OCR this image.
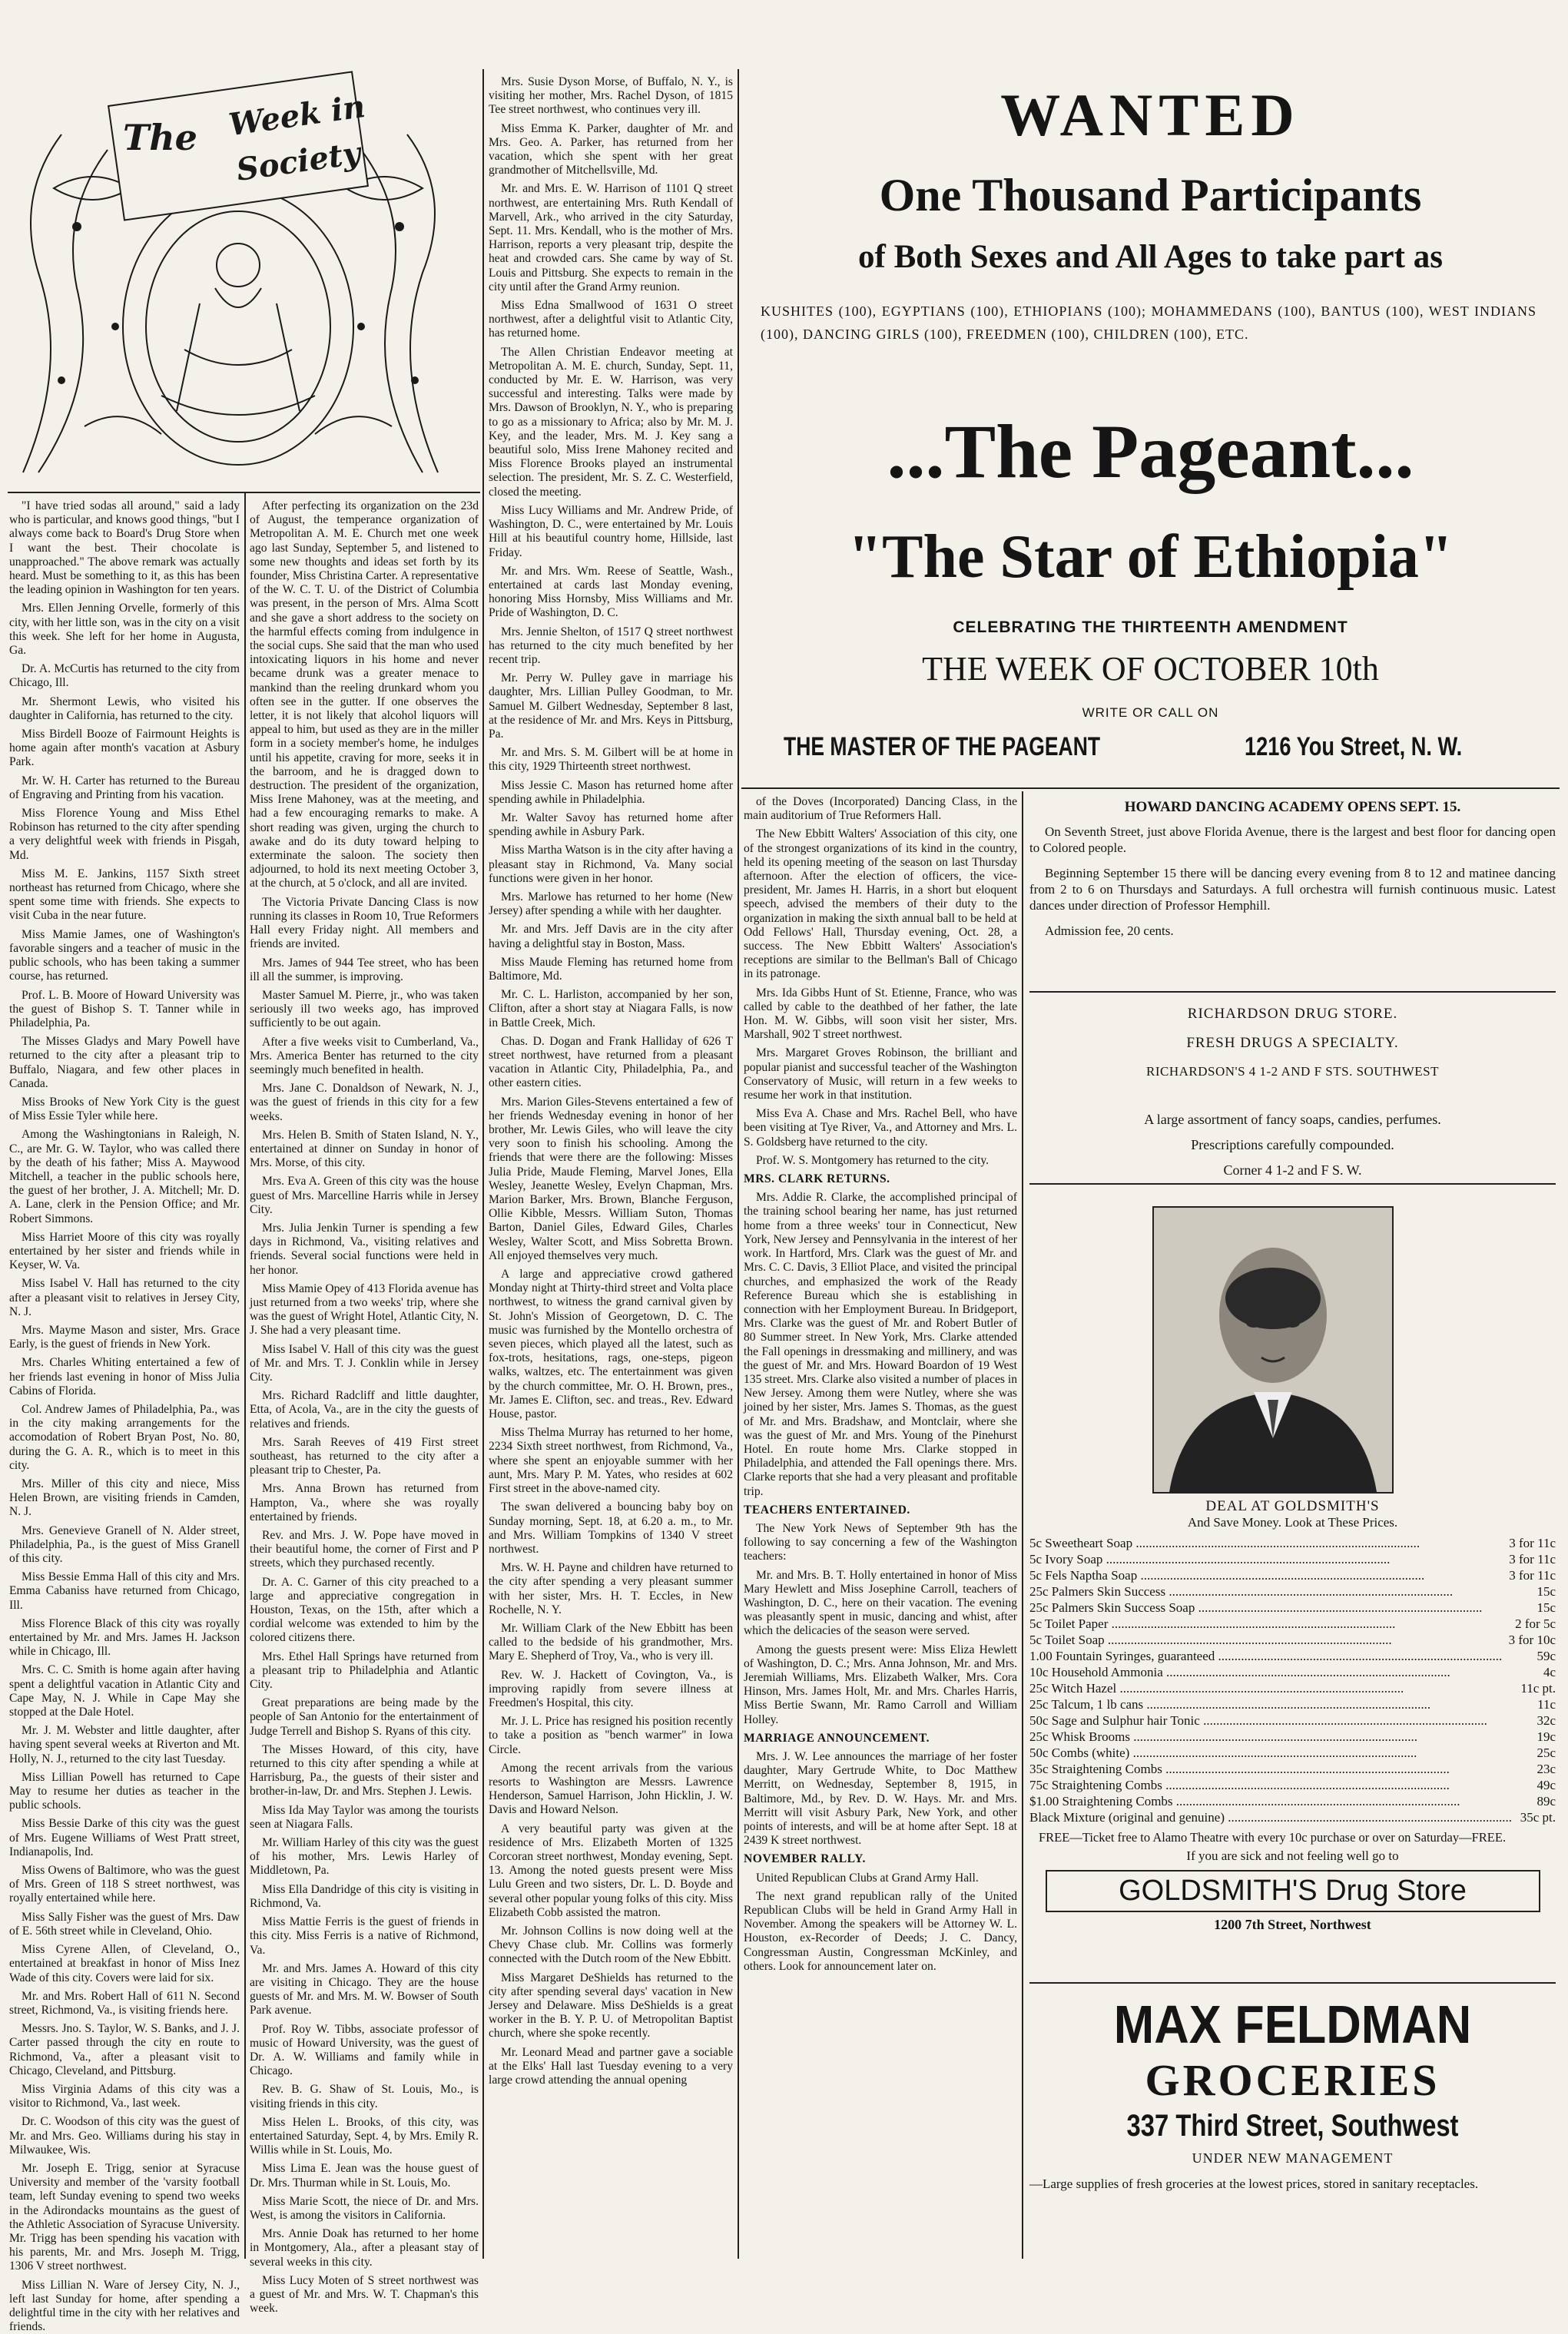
The Week in
Society

"I have tried sodas all around," said a lady who is particular, and knows good things, "but I always come back to Board's Drug Store when I want the best. Their chocolate is unapproached." The above remark was actually heard. Must be something to it, as this has been the leading opinion in Washington for ten years.

Mrs. Ellen Jenning Orvelle, formerly of this city, with her little son, was in the city on a visit this week. She left for her home in Augusta, Ga.

Dr. A. McCurtis has returned to the city from Chicago, Ill.

Mr. Shermont Lewis, who visited his daughter in California, has returned to the city.

Miss Birdell Booze of Fairmount Heights is home again after month's vacation at Asbury Park.

Mr. W. H. Carter has returned to the Bureau of Engraving and Printing from his vacation.

Miss Florence Young and Miss Ethel Robinson has returned to the city after spending a very delightful week with friends in Pisgah, Md.

Miss M. E. Jankins, 1157 Sixth street northeast has returned from Chicago, where she spent some time with friends. She expects to visit Cuba in the near future.

Miss Mamie James, one of Washington's favorable singers and a teacher of music in the public schools, who has been taking a summer course, has returned.

Prof. L. B. Moore of Howard University was the guest of Bishop S. T. Tanner while in Philadelphia, Pa.

The Misses Gladys and Mary Powell have returned to the city after a pleasant trip to Buffalo, Niagara, and few other places in Canada.

Miss Brooks of New York City is the guest of Miss Essie Tyler while here.

Among the Washingtonians in Raleigh, N. C., are Mr. G. W. Taylor, who was called there by the death of his father; Miss A. Maywood Mitchell, a teacher in the public schools here, the guest of her brother, J. A. Mitchell; Mr. D. A. Lane, clerk in the Pension Office; and Mr. Robert Simmons.

Miss Harriet Moore of this city was royally entertained by her sister and friends while in Keyser, W. Va.

Miss Isabel V. Hall has returned to the city after a pleasant visit to relatives in Jersey City, N. J.

Mrs. Mayme Mason and sister, Mrs. Grace Early, is the guest of friends in New York.

Mrs. Charles Whiting entertained a few of her friends last evening in honor of Miss Julia Cabins of Florida.

Col. Andrew James of Philadelphia, Pa., was in the city making arrangements for the accomodation of Robert Bryan Post, No. 80, during the G. A. R., which is to meet in this city.

Mrs. Miller of this city and niece, Miss Helen Brown, are visiting friends in Camden, N. J.

Mrs. Genevieve Granell of N. Alder street, Philadelphia, Pa., is the guest of Miss Granell of this city.

Miss Bessie Emma Hall of this city and Mrs. Emma Cabaniss have returned from Chicago, Ill.

Miss Florence Black of this city was royally entertained by Mr. and Mrs. James H. Jackson while in Chicago, Ill.

Mrs. C. C. Smith is home again after having spent a delightful vacation in Atlantic City and Cape May, N. J. While in Cape May she stopped at the Dale Hotel.

Mr. J. M. Webster and little daughter, after having spent several weeks at Riverton and Mt. Holly, N. J., returned to the city last Tuesday.

Miss Lillian Powell has returned to Cape May to resume her duties as teacher in the public schools.

Miss Bessie Darke of this city was the guest of Mrs. Eugene Williams of West Pratt street, Indianapolis, Ind.

Miss Owens of Baltimore, who was the guest of Mrs. Green of 118 S street northwest, was royally entertained while here.

Miss Sally Fisher was the guest of Mrs. Daw of E. 56th street while in Cleveland, Ohio.

Miss Cyrene Allen, of Cleveland, O., entertained at breakfast in honor of Miss Inez Wade of this city. Covers were laid for six.

Mr. and Mrs. Robert Hall of 611 N. Second street, Richmond, Va., is visiting friends here.

Messrs. Jno. S. Taylor, W. S. Banks, and J. J. Carter passed through the city en route to Richmond, Va., after a pleasant visit to Chicago, Cleveland, and Pittsburg.

Miss Virginia Adams of this city was a visitor to Richmond, Va., last week.

Dr. C. Woodson of this city was the guest of Mr. and Mrs. Geo. Williams during his stay in Milwaukee, Wis.

Mr. Joseph E. Trigg, senior at Syracuse University and member of the 'varsity football team, left Sunday evening to spend two weeks in the Adirondacks mountains as the guest of the Athletic Association of Syracuse University. Mr. Trigg has been spending his vacation with his parents, Mr. and Mrs. Joseph M. Trigg, 1306 V street northwest.

Miss Lillian N. Ware of Jersey City, N. J., left last Sunday for home, after spending a delightful time in the city with her relatives and friends.

After perfecting its organization on the 23d of August, the temperance organization of Metropolitan A. M. E. Church met one week ago last Sunday, September 5, and listened to some new thoughts and ideas set forth by its founder, Miss Christina Carter. A representative of the W. C. T. U. of the District of Columbia was present, in the person of Mrs. Alma Scott and she gave a short address to the society on the harmful effects coming from indulgence in the social cups. She said that the man who used intoxicating liquors in his home and never became drunk was a greater menace to mankind than the reeling drunkard whom you often see in the gutter. If one observes the letter, it is not likely that alcohol liquors will appeal to him, but used as they are in the miller form in a society member's home, he indulges until his appetite, craving for more, seeks it in the barroom, and he is dragged down to destruction. The president of the organization, Miss Irene Mahoney, was at the meeting, and had a few encouraging remarks to make. A short reading was given, urging the church to awake and do its duty toward helping to exterminate the saloon. The society then adjourned, to hold its next meeting October 3, at the church, at 5 o'clock, and all are invited.

The Victoria Private Dancing Class is now running its classes in Room 10, True Reformers Hall every Friday night. All members and friends are invited.

Mrs. James of 944 Tee street, who has been ill all the summer, is improving.

Master Samuel M. Pierre, jr., who was taken seriously ill two weeks ago, has improved sufficiently to be out again.

After a five weeks visit to Cumberland, Va., Mrs. America Benter has returned to the city seemingly much benefited in health.

Mrs. Jane C. Donaldson of Newark, N. J., was the guest of friends in this city for a few weeks.

Mrs. Helen B. Smith of Staten Island, N. Y., entertained at dinner on Sunday in honor of Mrs. Morse, of this city.

Mrs. Eva A. Green of this city was the house guest of Mrs. Marcelline Harris while in Jersey City.

Mrs. Julia Jenkin Turner is spending a few days in Richmond, Va., visiting relatives and friends. Several social functions were held in her honor.

Miss Mamie Opey of 413 Florida avenue has just returned from a two weeks' trip, where she was the guest of Wright Hotel, Atlantic City, N. J. She had a very pleasant time.

Miss Isabel V. Hall of this city was the guest of Mr. and Mrs. T. J. Conklin while in Jersey City.

Mrs. Richard Radcliff and little daughter, Etta, of Acola, Va., are in the city the guests of relatives and friends.

Mrs. Sarah Reeves of 419 First street southeast, has returned to the city after a pleasant trip to Chester, Pa.

Mrs. Anna Brown has returned from Hampton, Va., where she was royally entertained by friends.

Rev. and Mrs. J. W. Pope have moved in their beautiful home, the corner of First and P streets, which they purchased recently.

Dr. A. C. Garner of this city preached to a large and appreciative congregation in Houston, Texas, on the 15th, after which a cordial welcome was extended to him by the colored citizens there.

Mrs. Ethel Hall Springs have returned from a pleasant trip to Philadelphia and Atlantic City.

Great preparations are being made by the people of San Antonio for the entertainment of Judge Terrell and Bishop S. Ryans of this city.

The Misses Howard, of this city, have returned to this city after spending a while at Harrisburg, Pa., the guests of their sister and brother-in-law, Dr. and Mrs. Stephen J. Lewis.

Miss Ida May Taylor was among the tourists seen at Niagara Falls.

Mr. William Harley of this city was the guest of his mother, Mrs. Lewis Harley of Middletown, Pa.

Miss Ella Dandridge of this city is visiting in Richmond, Va.

Miss Mattie Ferris is the guest of friends in this city. Miss Ferris is a native of Richmond, Va.

Mr. and Mrs. James A. Howard of this city are visiting in Chicago. They are the house guests of Mr. and Mrs. M. W. Bowser of South Park avenue.

Prof. Roy W. Tibbs, associate professor of music of Howard University, was the guest of Dr. A. W. Williams and family while in Chicago.

Rev. B. G. Shaw of St. Louis, Mo., is visiting friends in this city.

Miss Helen L. Brooks, of this city, was entertained Saturday, Sept. 4, by Mrs. Emily R. Willis while in St. Louis, Mo.

Miss Lima E. Jean was the house guest of Dr. Mrs. Thurman while in St. Louis, Mo.

Miss Marie Scott, the niece of Dr. and Mrs. West, is among the visitors in California.

Mrs. Annie Doak has returned to her home in Montgomery, Ala., after a pleasant stay of several weeks in this city.

Miss Lucy Moten of S street northwest was a guest of Mr. and Mrs. W. T. Chapman's this week.

Mrs. Susie Dyson Morse, of Buffalo, N. Y., is visiting her mother, Mrs. Rachel Dyson, of 1815 Tee street northwest, who continues very ill.

Miss Emma K. Parker, daughter of Mr. and Mrs. Geo. A. Parker, has returned from her vacation, which she spent with her great grandmother of Mitchellsville, Md.

Mr. and Mrs. E. W. Harrison of 1101 Q street northwest, are entertaining Mrs. Ruth Kendall of Marvell, Ark., who arrived in the city Saturday, Sept. 11. Mrs. Kendall, who is the mother of Mrs. Harrison, reports a very pleasant trip, despite the heat and crowded cars. She came by way of St. Louis and Pittsburg. She expects to remain in the city until after the Grand Army reunion.

Miss Edna Smallwood of 1631 O street northwest, after a delightful visit to Atlantic City, has returned home.

The Allen Christian Endeavor meeting at Metropolitan A. M. E. church, Sunday, Sept. 11, conducted by Mr. E. W. Harrison, was very successful and interesting. Talks were made by Mrs. Dawson of Brooklyn, N. Y., who is preparing to go as a missionary to Africa; also by Mr. M. J. Key, and the leader, Mrs. M. J. Key sang a beautiful solo, Miss Irene Mahoney recited and Miss Florence Brooks played an instrumental selection. The president, Mr. S. Z. C. Westerfield, closed the meeting.

Miss Lucy Williams and Mr. Andrew Pride, of Washington, D. C., were entertained by Mr. Louis Hill at his beautiful country home, Hillside, last Friday.

Mr. and Mrs. Wm. Reese of Seattle, Wash., entertained at cards last Monday evening, honoring Miss Hornsby, Miss Williams and Mr. Pride of Washington, D. C.

Mrs. Jennie Shelton, of 1517 Q street northwest has returned to the city much benefited by her recent trip.

Mr. Perry W. Pulley gave in marriage his daughter, Mrs. Lillian Pulley Goodman, to Mr. Samuel M. Gilbert Wednesday, September 8 last, at the residence of Mr. and Mrs. Keys in Pittsburg, Pa.

Mr. and Mrs. S. M. Gilbert will be at home in this city, 1929 Thirteenth street northwest.

Miss Jessie C. Mason has returned home after spending awhile in Philadelphia.

Mr. Walter Savoy has returned home after spending awhile in Asbury Park.

Miss Martha Watson is in the city after having a pleasant stay in Richmond, Va. Many social functions were given in her honor.

Mrs. Marlowe has returned to her home (New Jersey) after spending a while with her daughter.

Mr. and Mrs. Jeff Davis are in the city after having a delightful stay in Boston, Mass.

Miss Maude Fleming has returned home from Baltimore, Md.

Mr. C. L. Harliston, accompanied by her son, Clifton, after a short stay at Niagara Falls, is now in Battle Creek, Mich.

Chas. D. Dogan and Frank Halliday of 626 T street northwest, have returned from a pleasant vacation in Atlantic City, Philadelphia, Pa., and other eastern cities.

Mrs. Marion Giles-Stevens entertained a few of her friends Wednesday evening in honor of her brother, Mr. Lewis Giles, who will leave the city very soon to finish his schooling. Among the friends that were there are the following: Misses Julia Pride, Maude Fleming, Marvel Jones, Ella Wesley, Jeanette Wesley, Evelyn Chapman, Mrs. Marion Barker, Mrs. Brown, Blanche Ferguson, Ollie Kibble, Messrs. William Suton, Thomas Barton, Daniel Giles, Edward Giles, Charles Wesley, Walter Scott, and Miss Sobretta Brown. All enjoyed themselves very much.

A large and appreciative crowd gathered Monday night at Thirty-third street and Volta place northwest, to witness the grand carnival given by St. John's Mission of Georgetown, D. C. The music was furnished by the Montello orchestra of seven pieces, which played all the latest, such as fox-trots, hesitations, rags, one-steps, pigeon walks, waltzes, etc. The entertainment was given by the church committee, Mr. O. H. Brown, pres., Mr. James E. Clifton, sec. and treas., Rev. Edward House, pastor.

Miss Thelma Murray has returned to her home, 2234 Sixth street northwest, from Richmond, Va., where she spent an enjoyable summer with her aunt, Mrs. Mary P. M. Yates, who resides at 602 First street in the above-named city.

The swan delivered a bouncing baby boy on Sunday morning, Sept. 18, at 6.20 a. m., to Mr. and Mrs. William Tompkins of 1340 V street northwest.

Mrs. W. H. Payne and children have returned to the city after spending a very pleasant summer with her sister, Mrs. H. T. Eccles, in New Rochelle, N. Y.

Mr. William Clark of the New Ebbitt has been called to the bedside of his grandmother, Mrs. Mary E. Shepherd of Troy, Va., who is very ill.

Rev. W. J. Hackett of Covington, Va., is improving rapidly from severe illness at Freedmen's Hospital, this city.

Mr. J. L. Price has resigned his position recently to take a position as "bench warmer" in Iowa Circle.

Among the recent arrivals from the various resorts to Washington are Messrs. Lawrence Henderson, Samuel Harrison, John Hicklin, J. W. Davis and Howard Nelson.

A very beautiful party was given at the residence of Mrs. Elizabeth Morten of 1325 Corcoran street northwest, Monday evening, Sept. 13. Among the noted guests present were Miss Lulu Green and two sisters, Dr. L. D. Boyde and several other popular young folks of this city. Miss Elizabeth Cobb assisted the matron.

Mr. Johnson Collins is now doing well at the Chevy Chase club. Mr. Collins was formerly connected with the Dutch room of the New Ebbitt.

Miss Margaret DeShields has returned to the city after spending several days' vacation in New Jersey and Delaware. Miss DeShields is a great worker in the B. Y. P. U. of Metropolitan Baptist church, where she spoke recently.

Mr. Leonard Mead and partner gave a sociable at the Elks' Hall last Tuesday evening to a very large crowd attending the annual opening

of the Doves (Incorporated) Dancing Class, in the main auditorium of True Reformers Hall.

The New Ebbitt Walters' Association of this city, one of the strongest organizations of its kind in the country, held its opening meeting of the season on last Thursday afternoon. After the election of officers, the vice-president, Mr. James H. Harris, in a short but eloquent speech, advised the members of their duty to the organization in making the sixth annual ball to be held at Odd Fellows' Hall, Thursday evening, Oct. 28, a success. The New Ebbitt Walters' Association's receptions are similar to the Bellman's Ball of Chicago in its patronage.

Mrs. Ida Gibbs Hunt of St. Etienne, France, who was called by cable to the deathbed of her father, the late Hon. M. W. Gibbs, will soon visit her sister, Mrs. Marshall, 902 T street northwest.

Mrs. Margaret Groves Robinson, the brilliant and popular pianist and successful teacher of the Washington Conservatory of Music, will return in a few weeks to resume her work in that institution.

Miss Eva A. Chase and Mrs. Rachel Bell, who have been visiting at Tye River, Va., and Attorney and Mrs. L. S. Goldsberg have returned to the city.

Prof. W. S. Montgomery has returned to the city.

MRS. CLARK RETURNS.

Mrs. Addie R. Clarke, the accomplished principal of the training school bearing her name, has just returned home from a three weeks' tour in Connecticut, New York, New Jersey and Pennsylvania in the interest of her work. In Hartford, Mrs. Clark was the guest of Mr. and Mrs. C. C. Davis, 3 Elliot Place, and visited the principal churches, and emphasized the work of the Ready Reference Bureau which she is establishing in connection with her Employment Bureau. In Bridgeport, Mrs. Clarke was the guest of Mr. and Robert Butler of 80 Summer street. In New York, Mrs. Clarke attended the Fall openings in dressmaking and millinery, and was the guest of Mr. and Mrs. Howard Boardon of 19 West 135 street. Mrs. Clarke also visited a number of places in New Jersey. Among them were Nutley, where she was joined by her sister, Mrs. James S. Thomas, as the guest of Mr. and Mrs. Bradshaw, and Montclair, where she was the guest of Mr. and Mrs. Young of the Pinehurst Hotel. En route home Mrs. Clarke stopped in Philadelphia, and attended the Fall openings there. Mrs. Clarke reports that she had a very pleasant and profitable trip.

TEACHERS ENTERTAINED.

The New York News of September 9th has the following to say concerning a few of the Washington teachers:

Mr. and Mrs. B. T. Holly entertained in honor of Miss Mary Hewlett and Miss Josephine Carroll, teachers of Washington, D. C., here on their vacation. The evening was pleasantly spent in music, dancing and whist, after which the delicacies of the season were served.

Among the guests present were: Miss Eliza Hewlett of Washington, D. C.; Mrs. Anna Johnson, Mr. and Mrs. Jeremiah Williams, Mrs. Elizabeth Walker, Mrs. Cora Hinson, Mrs. James Holt, Mr. and Mrs. Charles Harris, Miss Bertie Swann, Mr. Ramo Carroll and William Holley.

MARRIAGE ANNOUNCEMENT.

Mrs. J. W. Lee announces the marriage of her foster daughter, Mary Gertrude White, to Doc Matthew Merritt, on Wednesday, September 8, 1915, in Baltimore, Md., by Rev. D. W. Hays. Mr. and Mrs. Merritt will visit Asbury Park, New York, and other points of interests, and will be at home after Sept. 18 at 2439 K street northwest.

NOVEMBER RALLY.

United Republican Clubs at Grand Army Hall.

The next grand republican rally of the United Republican Clubs will be held in Grand Army Hall in November. Among the speakers will be Attorney W. L. Houston, ex-Recorder of Deeds; J. C. Dancy, Congressman Austin, Congressman McKinley, and others. Look for announcement later on.

WANTED
One Thousand Participants
of Both Sexes and All Ages to take part as
KUSHITES (100), EGYPTIANS (100), ETHIOPIANS (100); MOHAMMEDANS (100), BANTUS (100), WEST INDIANS (100), DANCING GIRLS (100), FREEDMEN (100), CHILDREN (100), ETC.
...The Pageant...
"The Star of Ethiopia"
CELEBRATING THE THIRTEENTH AMENDMENT
THE WEEK OF OCTOBER 10th
WRITE OR CALL ON
THE MASTER OF THE PAGEANT	1216 You Street, N. W.
HOWARD DANCING ACADEMY OPENS SEPT. 15.
On Seventh Street, just above Florida Avenue, there is the largest and best floor for dancing open to Colored people.
Beginning September 15 there will be dancing every evening from 8 to 12 and matinee dancing from 2 to 6 on Thursdays and Saturdays. A full orchestra will furnish continuous music. Latest dances under direction of Professor Hemphill.
Admission fee, 20 cents.
RICHARDSON DRUG STORE.
FRESH DRUGS A SPECIALTY.
RICHARDSON'S 4 1-2 AND F STS. SOUTHWEST
A large assortment of fancy soaps, candies, perfumes.
Prescriptions carefully compounded.
Corner 4 1-2 and F S. W.
DEAL AT GOLDSMITH'S
And Save Money. Look at These Prices.
5c Sweetheart Soap .....	3 for 11c
5c Ivory Soap .....	3 for 11c
5c Fels Naptha Soap .....	3 for 11c
25c Palmers Skin Success .....	15c
25c Palmers Skin Success Soap .....	15c
5c Toilet Paper .....	2 for 5c
5c Toilet Soap .....	3 for 10c
1.00 Fountain Syringes, guaranteed .....	59c
10c Household Ammonia .....	4c
25c Witch Hazel .....	11c pt.
25c Talcum, 1 lb cans .....	11c
50c Sage and Sulphur hair Tonic .....	32c
25c Whisk Brooms .....	19c
50c Combs (white) .....	25c
35c Straightening Combs .....	23c
75c Straightening Combs .....	49c
$1.00 Straightening Combs .....	89c
Black Mixture (original and genuine) .....	35c pt.
FREE—Ticket free to Alamo Theatre with every 10c purchase or over on Saturday—FREE.
If you are sick and not feeling well go to
GOLDSMITH'S Drug Store
1200 7th Street, Northwest
MAX FELDMAN
GROCERIES
337 Third Street, Southwest
UNDER NEW MANAGEMENT
—Large supplies of fresh groceries at the lowest prices, stored in sanitary receptacles.
